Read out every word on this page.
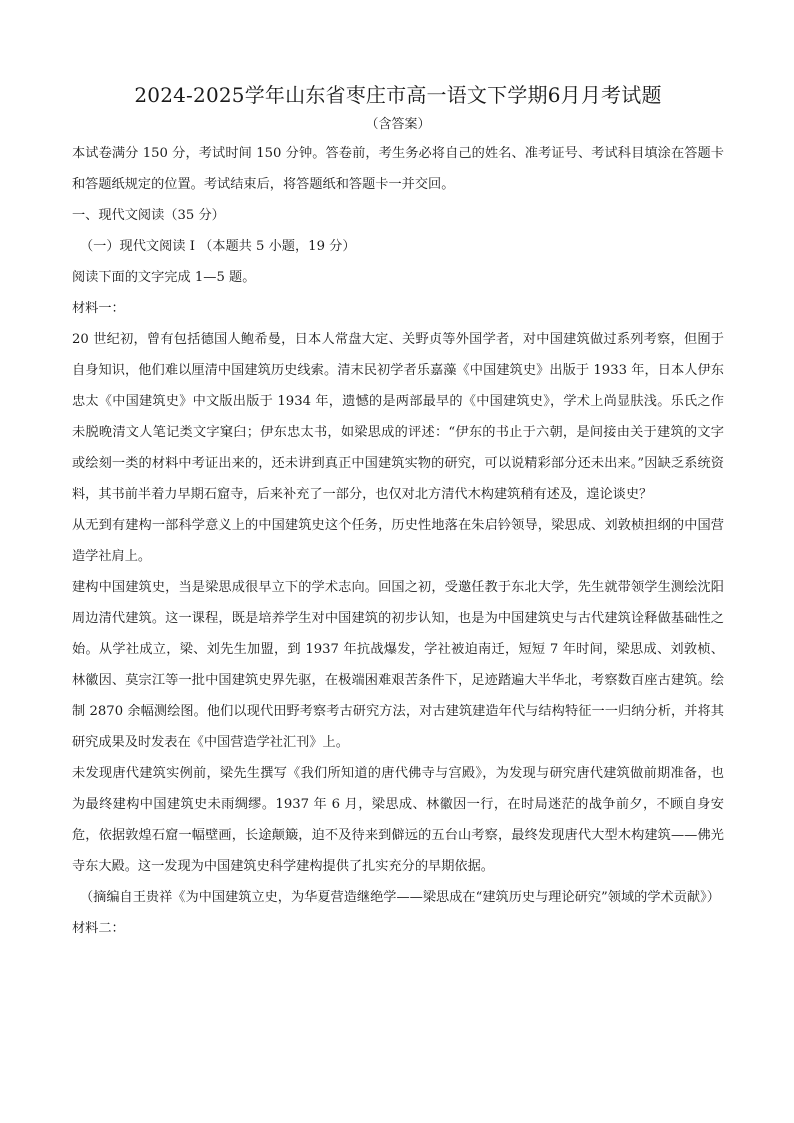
2024-2025学年山东省枣庄市高一语文下学期6月月考试题
（含答案）

本试卷满分 150 分，考试时间 150 分钟。答卷前，考生务必将自己的姓名、准考证号、考试科目填涂在答题卡和答题纸规定的位置。考试结束后，将答题纸和答题卡一并交回。

一、现代文阅读（35 分）

（一）现代文阅读 I （本题共 5 小题，19 分）

阅读下面的文字完成 1—5 题。

材料一：

20 世纪初，曾有包括德国人鲍希曼，日本人常盘大定、关野贞等外国学者，对中国建筑做过系列考察，但囿于自身知识，他们难以厘清中国建筑历史线索。清末民初学者乐嘉藻《中国建筑史》出版于 1933 年，日本人伊东忠太《中国建筑史》中文版出版于 1934 年，遗憾的是两部最早的《中国建筑史》，学术上尚显肤浅。乐氏之作未脱晚清文人笔记类文字窠臼；伊东忠太书，如梁思成的评述：“伊东的书止于六朝，是间接由关于建筑的文字或绘刻一类的材料中考证出来的，还未讲到真正中国建筑实物的研究，可以说精彩部分还未出来。”因缺乏系统资料，其书前半着力早期石窟寺，后来补充了一部分，也仅对北方清代木构建筑稍有述及，遑论谈史？

从无到有建构一部科学意义上的中国建筑史这个任务，历史性地落在朱启钤领导，梁思成、刘敦桢担纲的中国营造学社肩上。

建构中国建筑史，当是梁思成很早立下的学术志向。回国之初，受邀任教于东北大学，先生就带领学生测绘沈阳周边清代建筑。这一课程，既是培养学生对中国建筑的初步认知，也是为中国建筑史与古代建筑诠释做基础性之始。从学社成立，梁、刘先生加盟，到 1937 年抗战爆发，学社被迫南迁，短短 7 年时间，梁思成、刘敦桢、林徽因、莫宗江等一批中国建筑史界先驱，在极端困难艰苦条件下，足迹踏遍大半华北，考察数百座古建筑。绘制 2870 余幅测绘图。他们以现代田野考察考古研究方法，对古建筑建造年代与结构特征一一归纳分析，并将其研究成果及时发表在《中国营造学社汇刊》上。

未发现唐代建筑实例前，梁先生撰写《我们所知道的唐代佛寺与宫殿》，为发现与研究唐代建筑做前期准备，也为最终建构中国建筑史未雨绸缪。1937 年 6 月，梁思成、林徽因一行，在时局迷茫的战争前夕，不顾自身安危，依据敦煌石窟一幅壁画，长途颠簸，迫不及待来到僻远的五台山考察，最终发现唐代大型木构建筑——佛光寺东大殿。这一发现为中国建筑史科学建构提供了扎实充分的早期依据。

（摘编自王贵祥《为中国建筑立史，为华夏营造继绝学——梁思成在“建筑历史与理论研究”领域的学术贡献》）

材料二：
